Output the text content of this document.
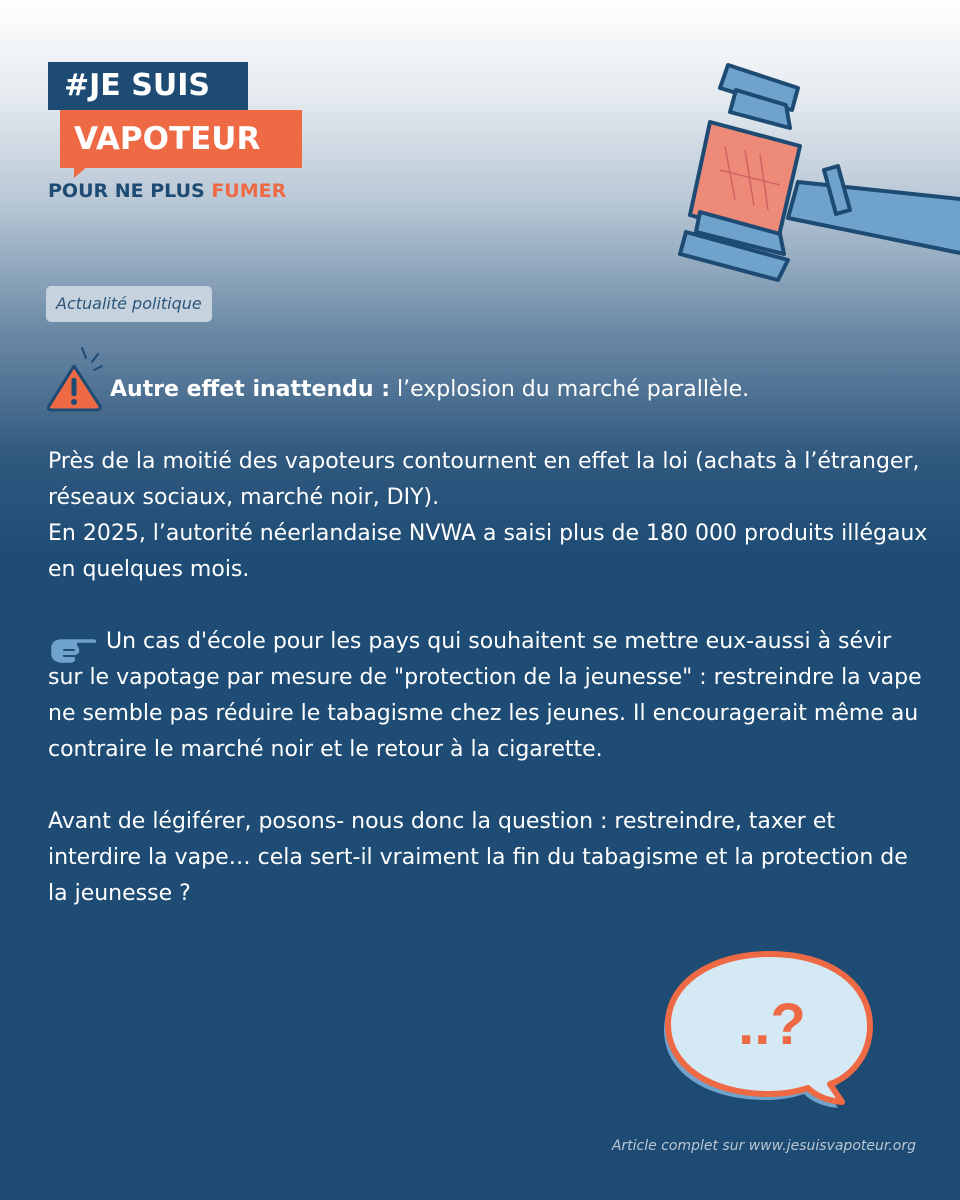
#JE SUIS
VAPOTEUR
POUR NE PLUS FUMER
Actualité politique

Autre effet inattendu : l’explosion du marché parallèle.

Près de la moitié des vapoteurs contournent en effet la loi (achats à l’étranger, réseaux sociaux, marché noir, DIY).
En 2025, l’autorité néerlandaise NVWA a saisi plus de 180 000 produits illégaux en quelques mois.

Un cas d'école pour les pays qui souhaitent se mettre eux-aussi à sévir sur le vapotage par mesure de "protection de la jeunesse" : restreindre la vape ne semble pas réduire le tabagisme chez les jeunes. Il encouragerait même au contraire le marché noir et le retour à la cigarette.

Avant de légiférer, posons- nous donc la question : restreindre, taxer et interdire la vape… cela sert-il vraiment la fin du tabagisme et la protection de la jeunesse ?

..?
Article complet sur www.jesuisvapoteur.org
